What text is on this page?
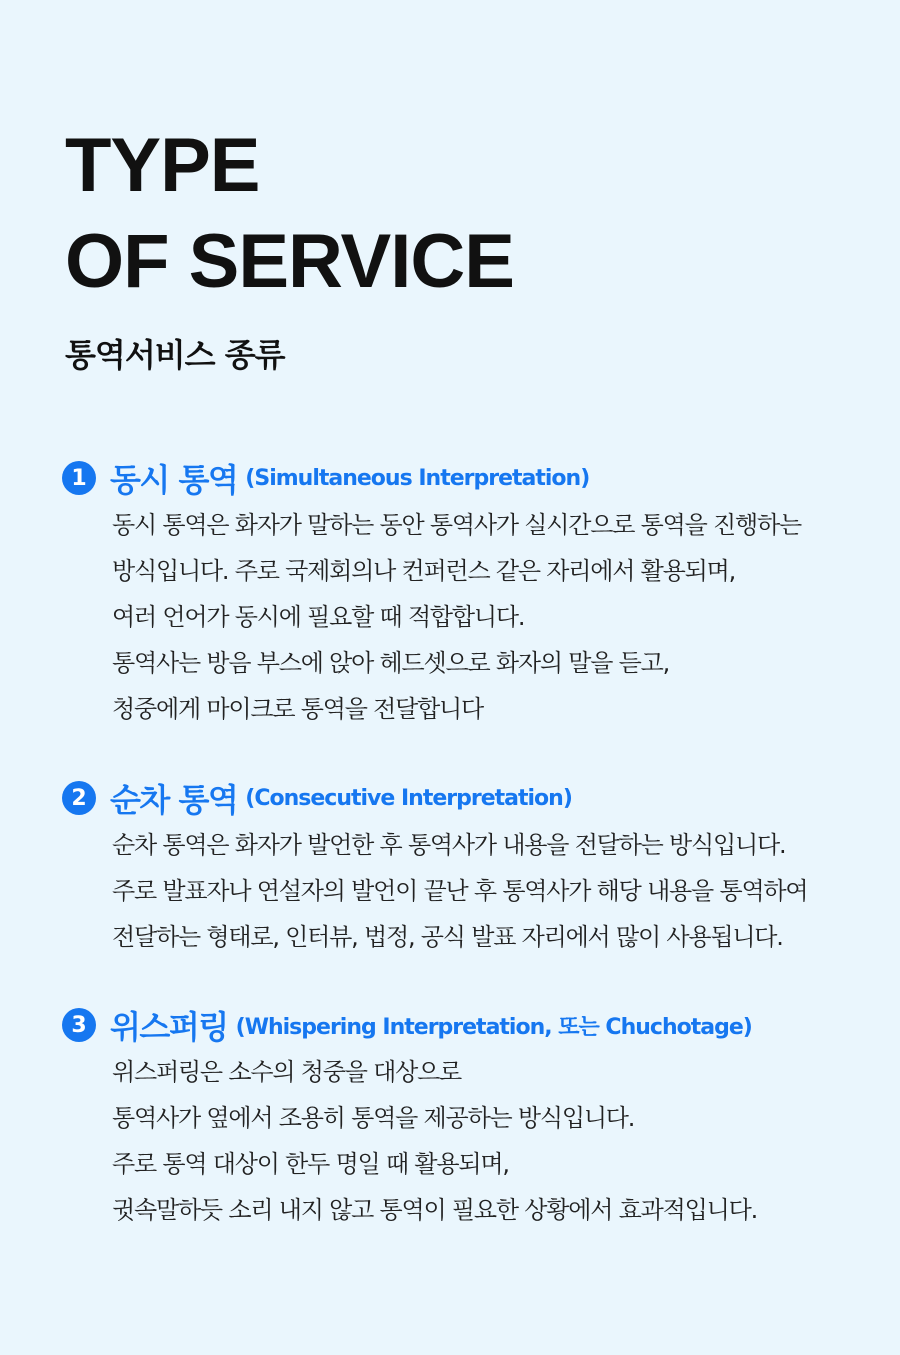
TYPE
OF SERVICE
통역서비스 종류
1 동시 통역 (Simultaneous Interpretation)
동시 통역은 화자가 말하는 동안 통역사가 실시간으로 통역을 진행하는
방식입니다. 주로 국제회의나 컨퍼런스 같은 자리에서 활용되며,
여러 언어가 동시에 필요할 때 적합합니다.
통역사는 방음 부스에 앉아 헤드셋으로 화자의 말을 듣고,
청중에게 마이크로 통역을 전달합니다
2 순차 통역 (Consecutive Interpretation)
순차 통역은 화자가 발언한 후 통역사가 내용을 전달하는 방식입니다.
주로 발표자나 연설자의 발언이 끝난 후 통역사가 해당 내용을 통역하여
전달하는 형태로, 인터뷰, 법정, 공식 발표 자리에서 많이 사용됩니다.
3 위스퍼링 (Whispering Interpretation, 또는 Chuchotage)
위스퍼링은 소수의 청중을 대상으로
통역사가 옆에서 조용히 통역을 제공하는 방식입니다.
주로 통역 대상이 한두 명일 때 활용되며,
귓속말하듯 소리 내지 않고 통역이 필요한 상황에서 효과적입니다.
